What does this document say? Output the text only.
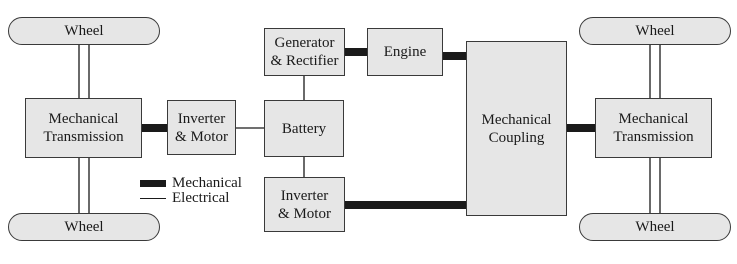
Wheel
Wheel
Wheel
Wheel
Mechanical
Transmission
Inverter
& Motor	Battery
Generator
& Rectifier
Engine
Inverter
& Motor
Mechanical
Coupling
Mechanical
Transmission
Mechanical
Electrical
